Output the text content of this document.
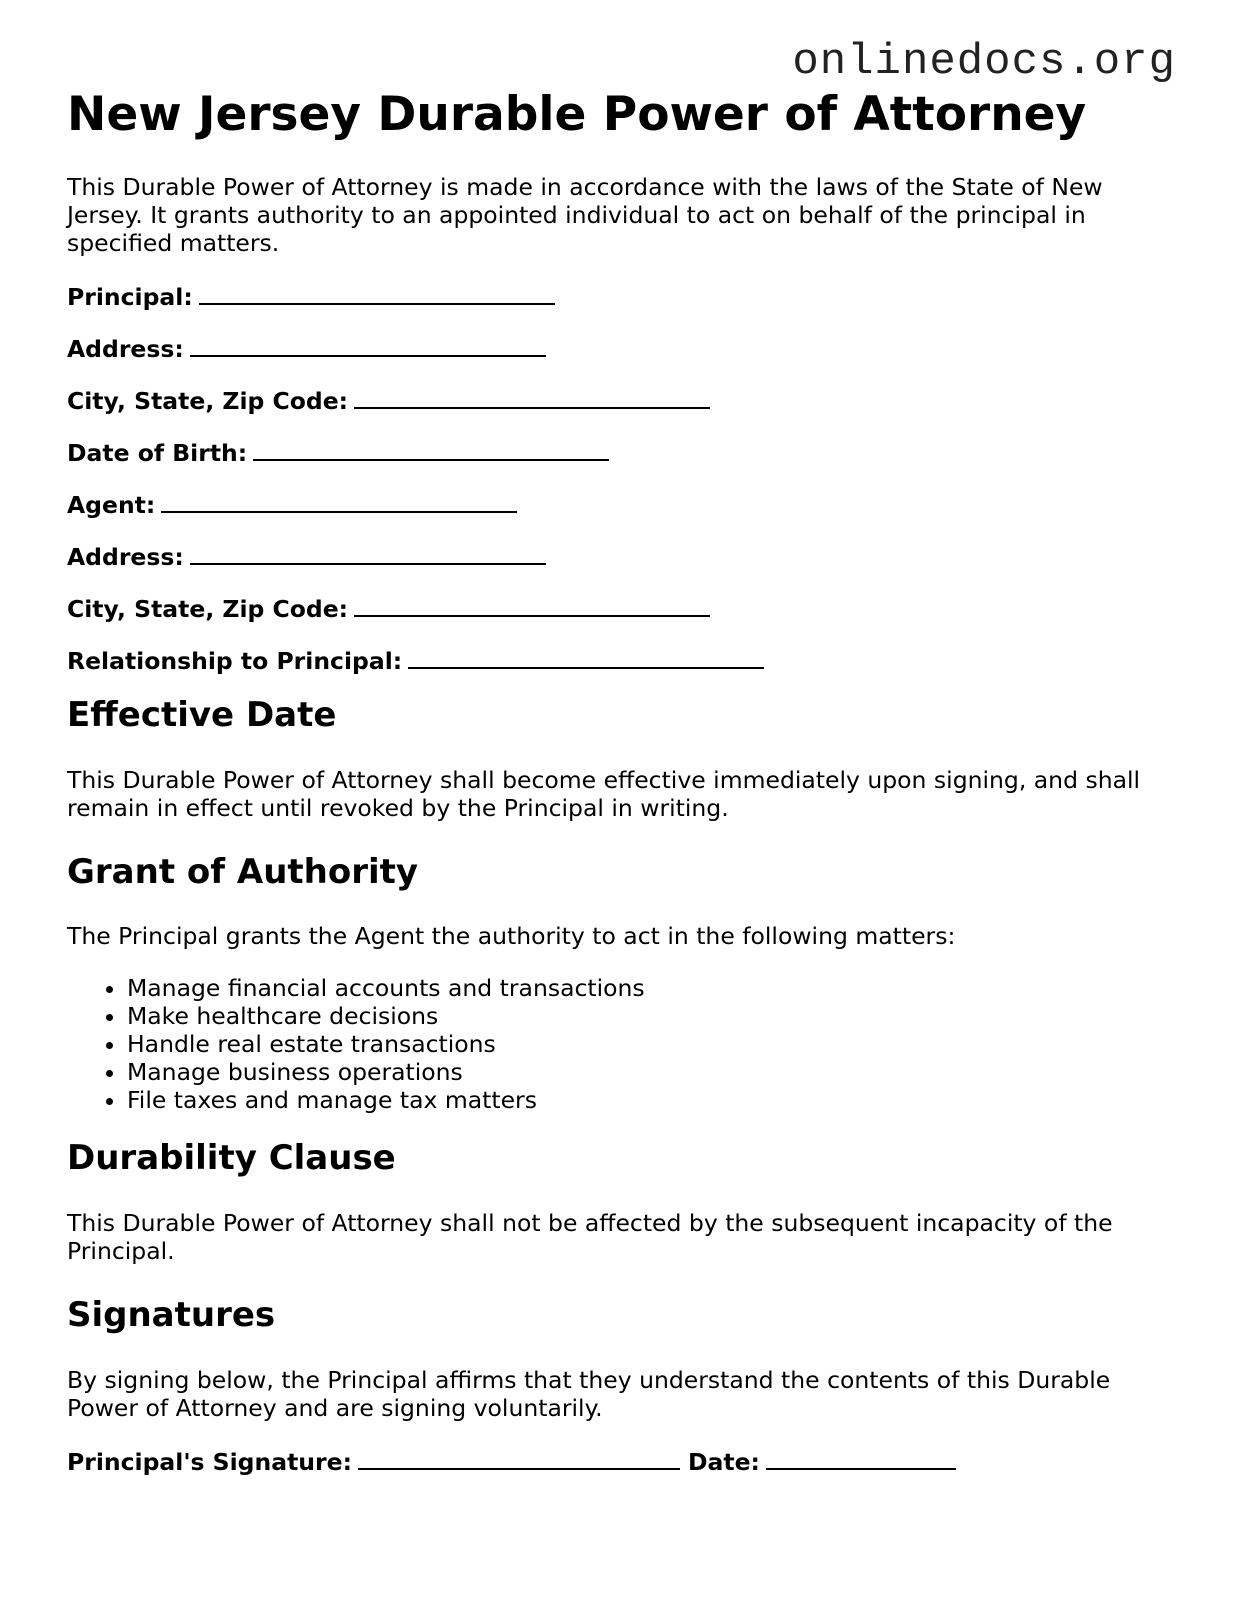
onlinedocs.org
New Jersey Durable Power of Attorney

This Durable Power of Attorney is made in accordance with the laws of the State of New Jersey. It grants authority to an appointed individual to act on behalf of the principal in specified matters.

Principal:
Address:
City, State, Zip Code:
Date of Birth:
Agent:
Address:
City, State, Zip Code:
Relationship to Principal:
Effective Date

This Durable Power of Attorney shall become effective immediately upon signing, and shall remain in effect until revoked by the Principal in writing.

Grant of Authority

The Principal grants the Agent the authority to act in the following matters:

• Manage financial accounts and transactions
• Make healthcare decisions
• Handle real estate transactions
• Manage business operations
• File taxes and manage tax matters
Durability Clause

This Durable Power of Attorney shall not be affected by the subsequent incapacity of the Principal.

Signatures

By signing below, the Principal affirms that they understand the contents of this Durable Power of Attorney and are signing voluntarily.

Principal's Signature:	Date:
